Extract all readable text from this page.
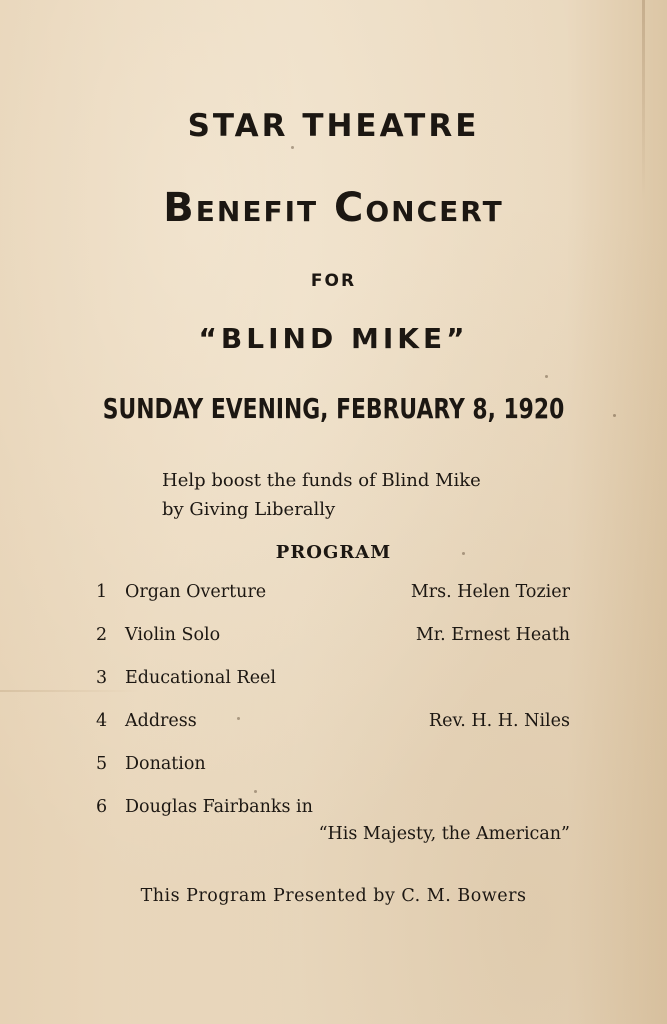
STAR THEATRE
Benefit Concert
FOR
“BLIND MIKE”
SUNDAY EVENING, FEBRUARY 8, 1920
Help boost the funds of Blind Mike
by Giving Liberally
PROGRAM
1 Organ Overture	Mrs. Helen Tozier
2 Violin Solo	Mr. Ernest Heath
3 Educational Reel
4 Address	Rev. H. H. Niles
5 Donation
6 Douglas Fairbanks in
“His Majesty, the American”
This Program Presented by C. M. Bowers
